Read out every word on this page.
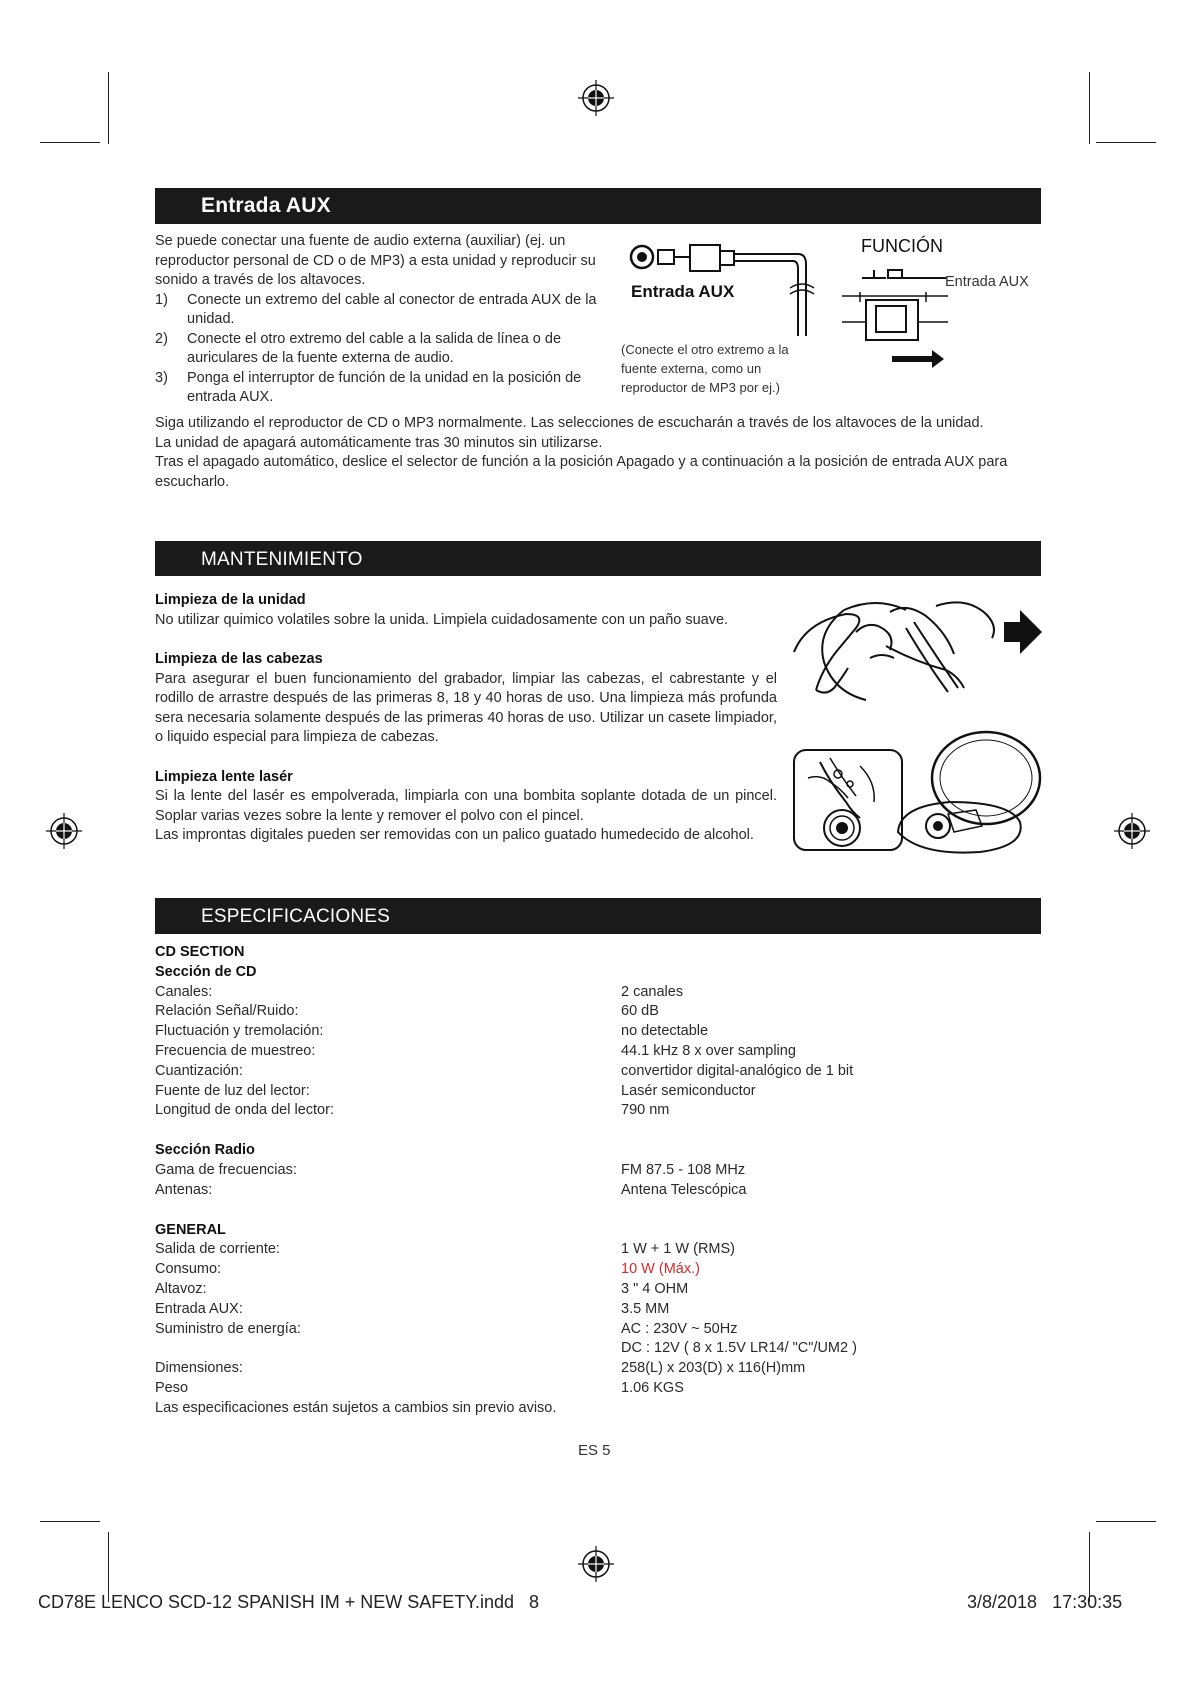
Entrada AUX
Se puede conectar una fuente de audio externa (auxiliar) (ej. un reproductor personal de CD o de MP3) a esta unidad y reproducir su sonido a través de los altavoces.
1) Conecte un extremo del cable al conector de entrada AUX de la unidad.
2) Conecte el otro extremo del cable a la salida de línea o de auriculares de la fuente externa de audio.
3) Ponga el interruptor de función de la unidad en la posición de entrada AUX.
Entrada AUX
(Conecte el otro extremo a la fuente externa, como un reproductor de MP3 por ej.)
FUNCIÓN
Entrada AUX
Siga utilizando el reproductor de CD o MP3 normalmente. Las selecciones de escucharán a través de los altavoces de la unidad.
La unidad de apagará automáticamente tras 30 minutos sin utilizarse.
Tras el apagado automático, deslice el selector de función a la posición Apagado y a continuación a la posición de entrada AUX para escucharlo.
MANTENIMIENTO
Limpieza de la unidad
No utilizar quimico volatiles sobre la unida. Limpiela cuidadosamente con un paño suave.
Limpieza de las cabezas
Para asegurar el buen funcionamiento del grabador, limpiar las cabezas, el cabrestante y el rodillo de arrastre después de las primeras 8, 18 y 40 horas de uso. Una limpieza más profunda sera necesaria solamente después de las primeras 40 horas de uso. Utilizar un casete limpiador, o liquido especial para limpieza de cabezas.
Limpieza lente lasér
Si la lente del lasér es empolverada, limpiarla con una bombita soplante dotada de un pincel. Soplar varias vezes sobre la lente y remover el polvo con el pincel.
Las improntas digitales pueden ser removidas con un palico guatado humedecido de alcohol.
ESPECIFICACIONES
CD SECTION
Sección de CD
Canales:	2 canales
Relación Señal/Ruido:	60 dB
Fluctuación y tremolación:	no detectable
Frecuencia de muestreo:	44.1 kHz 8 x over sampling
Cuantización:	convertidor digital-analógico de 1 bit
Fuente de luz del lector:	Lasér semiconductor
Longitud de onda del lector:	790 nm
Sección Radio
Gama de frecuencias:	FM 87.5 - 108 MHz
Antenas:	Antena Telescópica
GENERAL
Salida de corriente:	1 W + 1 W (RMS)
Consumo:	10 W (Máx.)
Altavoz:	3 " 4 OHM
Entrada AUX:	3.5 MM
Suministro de energía:	AC : 230V ~ 50Hz
DC : 12V ( 8 x 1.5V LR14/ "C"/UM2 )
Dimensiones:	258(L) x 203(D) x 116(H)mm
Peso	1.06 KGS
Las especificaciones están sujetos a cambios sin previo aviso.
ES 5
CD78E LENCO SCD-12 SPANISH IM + NEW SAFETY.indd   8	3/8/2018   17:30:35
